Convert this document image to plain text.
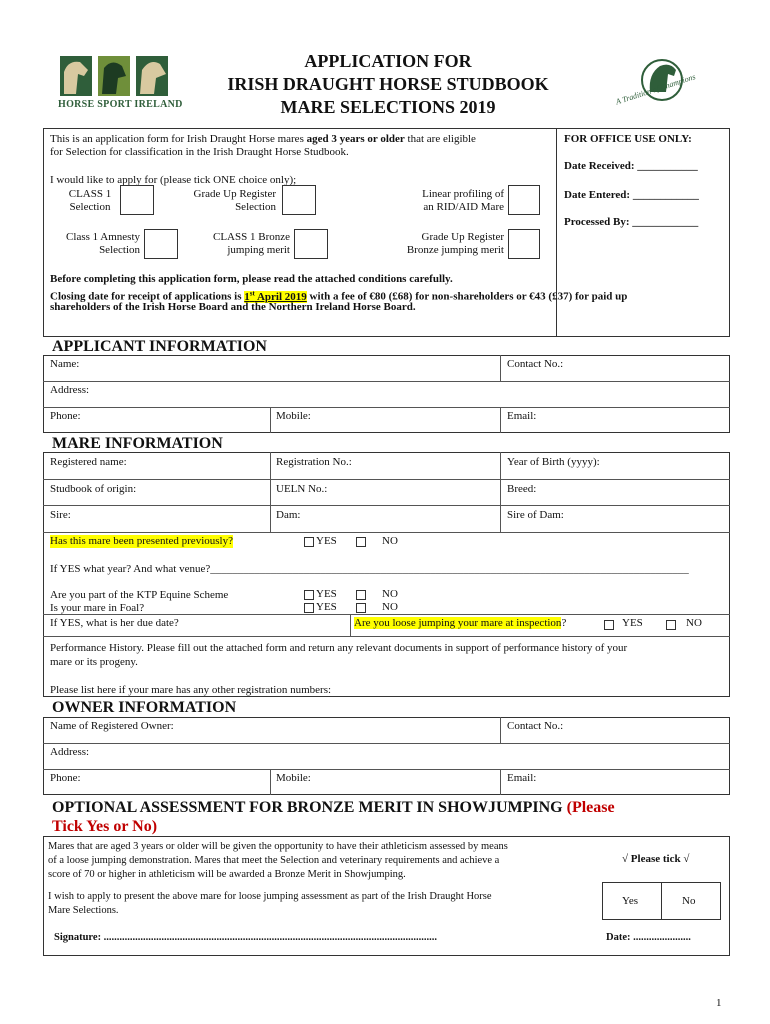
HORSE SPORT IRELAND
APPLICATION FOR
IRISH DRAUGHT HORSE STUDBOOK
MARE SELECTIONS 2019
A Tradition of Champions
This is an application form for Irish Draught Horse mares aged 3 years or older that are eligible
for Selection for classification in the Irish Draught Horse Studbook.
I would like to apply for (please tick ONE choice only);
CLASS 1
Selection
Grade Up Register
Selection
Linear profiling of
an RID/AID Mare
Class 1 Amnesty
Selection
CLASS 1 Bronze
jumping merit
Grade Up Register
Bronze jumping merit
Before completing this application form, please read the attached conditions carefully.
Closing date for receipt of applications is 1st April 2019 with a fee of €80 (£68) for non-shareholders or €43 (£37) for paid up
shareholders of the Irish Horse Board and the Northern Ireland Horse Board.
FOR OFFICE USE ONLY:
Date Received: ___________
Date Entered: ____________
Processed By: ____________
APPLICANT INFORMATION
Name:	Contact No.:
Address:
Phone:	Mobile:	Email:
MARE INFORMATION
Registered name:	Registration No.:	Year of Birth (yyyy):
Studbook of origin:	UELN No.:	Breed:
Sire:	Dam:	Sire of Dam:
Has this mare been presented previously?	YES	NO
If YES what year? And what venue?_______________________________________________________________________________________
Are you part of the KTP Equine Scheme	YES	NO
Is your mare in Foal?	YES	NO
If YES, what is her due date?	Are you loose jumping your mare at inspection?	YES	NO
Performance History. Please fill out the attached form and return any relevant documents in support of performance history of your
mare or its progeny.
Please list here if your mare has any other registration numbers:
OWNER INFORMATION
Name of Registered Owner:	Contact No.:
Address:
Phone:	Mobile:	Email:
OPTIONAL ASSESSMENT FOR BRONZE MERIT IN SHOWJUMPING (Please
Tick Yes or No)
Mares that are aged 3 years or older will be given the opportunity to have their athleticism assessed by means
of a loose jumping demonstration. Mares that meet the Selection and veterinary requirements and achieve a
score of 70 or higher in athleticism will be awarded a Bronze Merit in Showjumping.
I wish to apply to present the above mare for loose jumping assessment as part of the Irish Draught Horse
Mare Selections.
√ Please tick √
Yes	No
Signature: ...............................................................................................................................	Date: ......................
1
